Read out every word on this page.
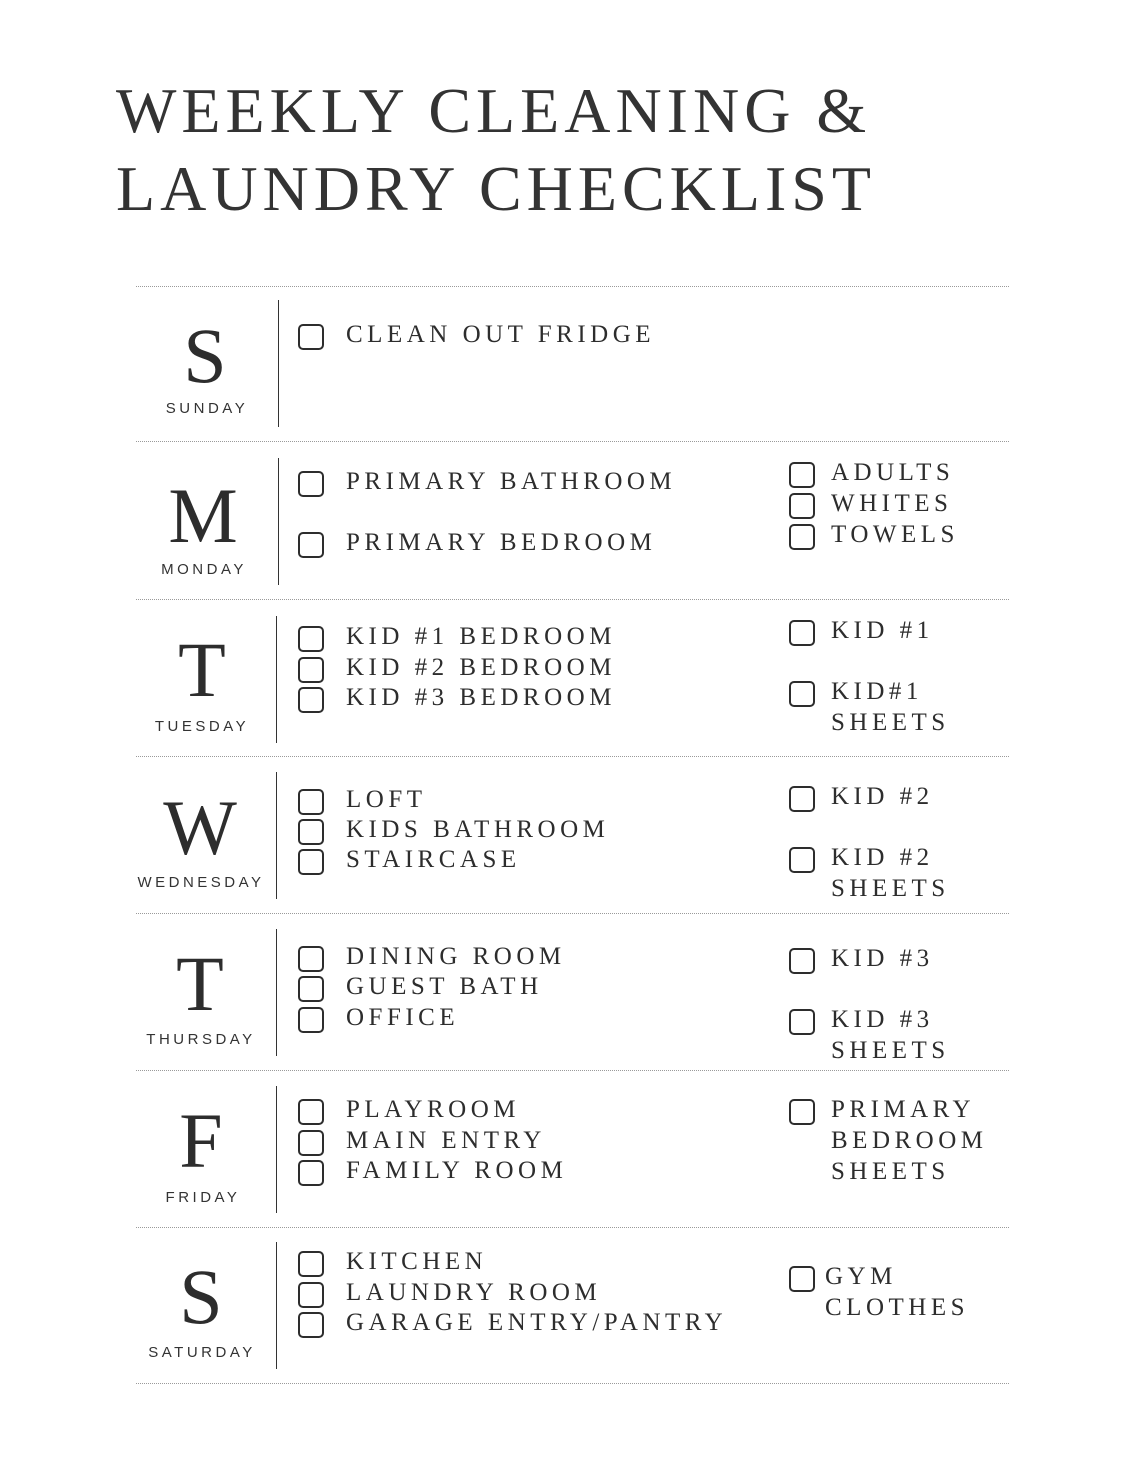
WEEKLY CLEANING &
LAUNDRY CHECKLIST
S
SUNDAY
CLEAN OUT FRIDGE
M
MONDAY
PRIMARY BATHROOM
PRIMARY BEDROOM
ADULTS
WHITES
TOWELS
T
TUESDAY
KID #1 BEDROOM
KID #2 BEDROOM
KID #3 BEDROOM
KID #1
KID#1
SHEETS
W
WEDNESDAY
LOFT
KIDS BATHROOM
STAIRCASE
KID #2
KID #2
SHEETS
T
THURSDAY
DINING ROOM
GUEST BATH
OFFICE
KID #3
KID #3
SHEETS
F
FRIDAY
PLAYROOM
MAIN ENTRY
FAMILY ROOM
PRIMARY
BEDROOM
SHEETS
S
SATURDAY
KITCHEN
LAUNDRY ROOM
GARAGE ENTRY/PANTRY
GYM
CLOTHES
